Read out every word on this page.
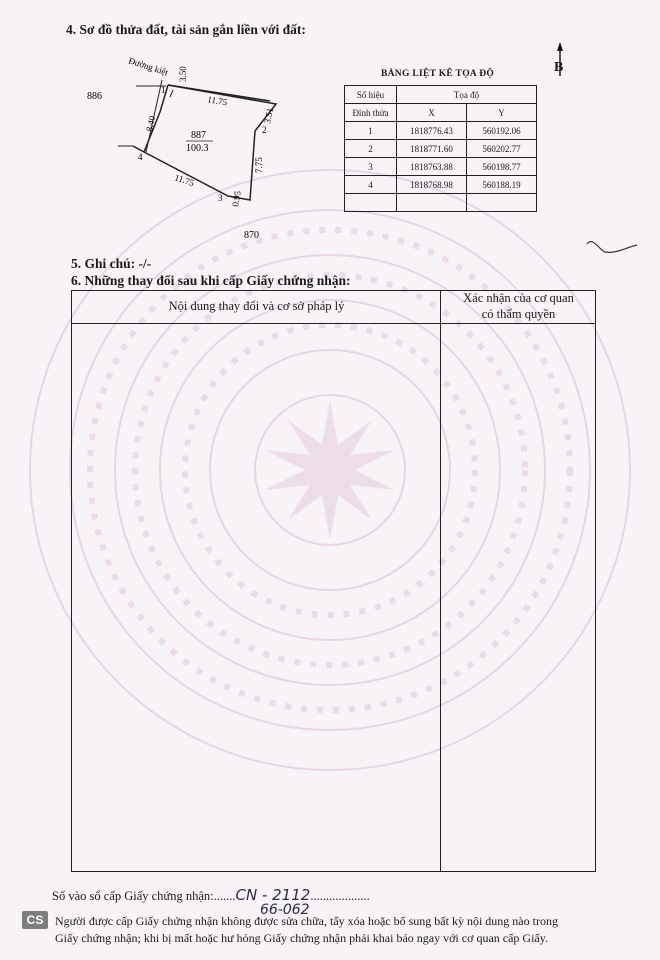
4. Sơ đồ thửa đất, tài sản gắn liền với đất:
Đường kiệt
886
870
887
100.3
3.50
11.75
3.51
8.40
7.75
11.75
0.95
1
2
3
4
B
BẢNG LIỆT KÊ TỌA ĐỘ
Số hiệu	Tọa độ	
Đỉnh thửa	X	Y
1	1818776.43	560192.06
2	1818771.60	560202.77
3	1818763.88	560198.77
4	1818768.98	560188.19

5. Ghi chú: -/-
6. Những thay đổi sau khi cấp Giấy chứng nhận:
Nội dung thay đổi và cơ sở pháp lý
Xác nhận của cơ quan
có thẩm quyền
Số vào sổ cấp Giấy chứng nhận:.......CN - 2112...................
66-062
CS Người được cấp Giấy chứng nhận không được sửa chữa, tẩy xóa hoặc bổ sung bất kỳ nội dung nào trong
Giấy chứng nhận; khi bị mất hoặc hư hỏng Giấy chứng nhận phải khai báo ngay với cơ quan cấp Giấy.
